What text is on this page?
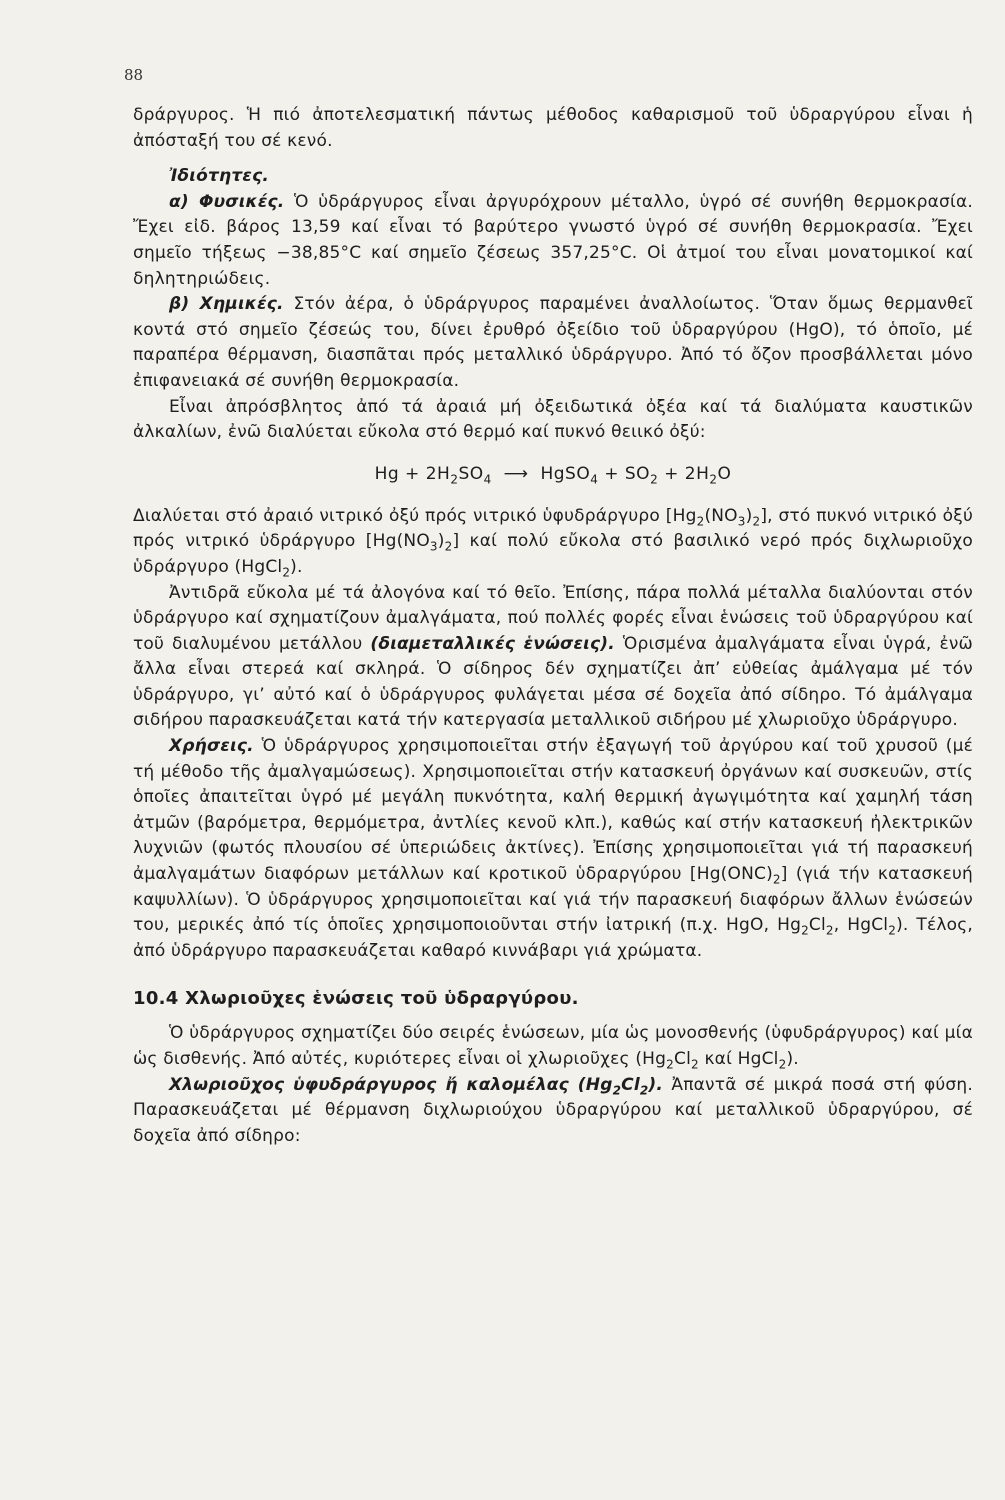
88

δράργυρος. Ἡ πιό ἀποτελεσματική πάντως μέθοδος καθαρισμοῦ τοῦ ὑδραργύρου εἶναι ἡ ἀπόσταξή του σέ κενό.

Ἰδιότητες.

α) Φυσικές. Ὁ ὑδράργυρος εἶναι ἀργυρόχρουν μέταλλο, ὑγρό σέ συνήθη θερμοκρασία. Ἔχει εἰδ. βάρος 13,59 καί εἶναι τό βαρύτερο γνωστό ὑγρό σέ συνήθη θερμοκρασία. Ἔχει σημεῖο τήξεως −38,85°C καί σημεῖο ζέσεως 357,25°C. Οἱ ἀτμοί του εἶναι μονατομικοί καί δηλητηριώδεις.

β) Χημικές. Στόν ἀέρα, ὁ ὑδράργυρος παραμένει ἀναλλοίωτος. Ὅταν ὅμως θερμανθεῖ κοντά στό σημεῖο ζέσεώς του, δίνει ἐρυθρό ὀξείδιο τοῦ ὑδραργύρου (HgO), τό ὁποῖο, μέ παραπέρα θέρμανση, διασπᾶται πρός μεταλλικό ὑδράργυρο. Ἀπό τό ὄζον προσβάλλεται μόνο ἐπιφανειακά σέ συνήθη θερμοκρασία.

Εἶναι ἀπρόσβλητος ἀπό τά ἀραιά μή ὀξειδωτικά ὀξέα καί τά διαλύματα καυστικῶν ἀλκαλίων, ἐνῶ διαλύεται εὔκολα στό θερμό καί πυκνό θειικό ὀξύ:

$Hg + 2H_2SO_4$ ⟶ HgSO$_4$ + $SO_2 + 2H_2O$

Διαλύεται στό ἀραιό νιτρικό ὀξύ πρός νιτρικό ὑφυδράργυρο $[Hg_2(NO_3)_2]$, στό πυκνό νιτρικό ὀξύ πρός νιτρικό ὑδράργυρο $[Hg(NO_3)_2]$ καί πολύ εὔκολα στό βασιλικό νερό πρός διχλωριοῦχο ὑδράργυρο (HgCl$_2$).

Ἀντιδρᾶ εὔκολα μέ τά ἀλογόνα καί τό θεῖο. Ἐπίσης, πάρα πολλά μέταλλα διαλύονται στόν ὑδράργυρο καί σχηματίζουν ἀμαλγάματα, πού πολλές φορές εἶναι ἑνώσεις τοῦ ὑδραργύρου καί τοῦ διαλυμένου μετάλλου (διαμεταλλικές ἑνώσεις). Ὁρισμένα ἀμαλγάματα εἶναι ὑγρά, ἐνῶ ἄλλα εἶναι στερεά καί σκληρά. Ὁ σίδηρος δέν σχηματίζει ἀπ’ εὐθείας ἀμάλγαμα μέ τόν ὑδράργυρο, γι’ αὐτό καί ὁ ὑδράργυρος φυλάγεται μέσα σέ δοχεῖα ἀπό σίδηρο. Τό ἀμάλγαμα σιδήρου παρασκευάζεται κατά τήν κατεργασία μεταλλικοῦ σιδήρου μέ χλωριοῦχο ὑδράργυρο.

Χρήσεις. Ὁ ὑδράργυρος χρησιμοποιεῖται στήν ἐξαγωγή τοῦ ἀργύρου καί τοῦ χρυσοῦ (μέ τή μέθοδο τῆς ἀμαλγαμώσεως). Χρησιμοποιεῖται στήν κατασκευή ὀργάνων καί συσκευῶν, στίς ὁποῖες ἀπαιτεῖται ὑγρό μέ μεγάλη πυκνότητα, καλή θερμική ἀγωγιμότητα καί χαμηλή τάση ἀτμῶν (βαρόμετρα, θερμόμετρα, ἀντλίες κενοῦ κλπ.), καθώς καί στήν κατασκευή ἠλεκτρικῶν λυχνιῶν (φωτός πλουσίου σέ ὑπεριώδεις ἀκτίνες). Ἐπίσης χρησιμοποιεῖται γιά τή παρασκευή ἀμαλγαμάτων διαφόρων μετάλλων καί κροτικοῦ ὑδραργύρου $[Hg(ONC)_2]$ (γιά τήν κατασκευή καψυλλίων). Ὁ ὑδράργυρος χρησιμοποιεῖται καί γιά τήν παρασκευή διαφόρων ἄλλων ἑνώσεών του, μερικές ἀπό τίς ὁποῖες χρησιμοποιοῦνται στήν ἰατρική (π.χ. HgO, $Hg_2Cl_2$, HgCl$_2$). Τέλος, ἀπό ὑδράργυρο παρασκευάζεται καθαρό κιννάβαρι γιά χρώματα.

10.4 Χλωριοῦχες ἑνώσεις τοῦ ὑδραργύρου.

Ὁ ὑδράργυρος σχηματίζει δύο σειρές ἑνώσεων, μία ὡς μονοσθενής (ὑφυδράργυρος) καί μία ὡς δισθενής. Ἀπό αὐτές, κυριότερες εἶναι οἱ χλωριοῦχες ($Hg_2Cl_2$ καί HgCl$_2$).

Χλωριοῦχος ὑφυδράργυρος ἤ καλομέλας $(Hg_2Cl_2)$. Ἀπαντᾶ σέ μικρά ποσά στή φύση. Παρασκευάζεται μέ θέρμανση διχλωριούχου ὑδραργύρου καί μεταλλικοῦ ὑδραργύρου, σέ δοχεῖα ἀπό σίδηρο:
